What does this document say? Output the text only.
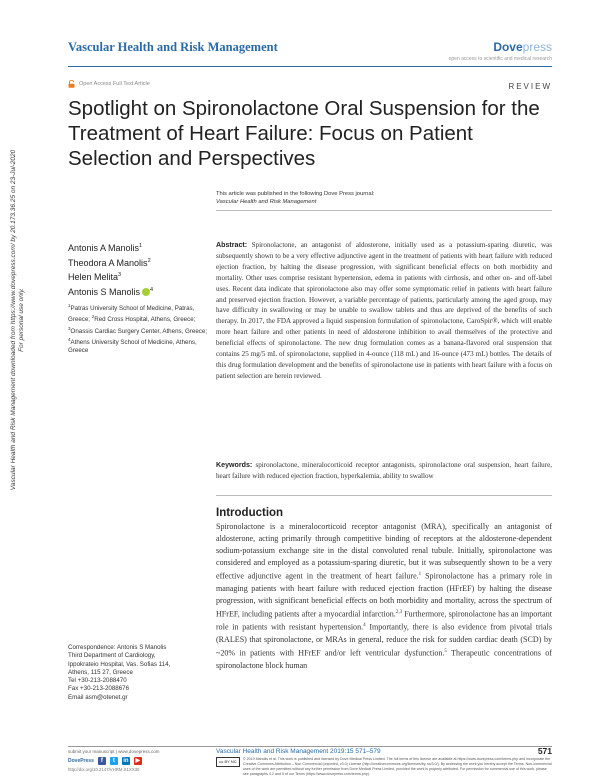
Vascular Health and Risk Management	Dovepress
open access to scientific and medical research
Open Access Full Text Article	REVIEW
Spotlight on Spironolactone Oral Suspension for the Treatment of Heart Failure: Focus on Patient Selection and Perspectives
This article was published in the following Dove Press journal:
Vascular Health and Risk Management
Vascular Health and Risk Management downloaded from https://www.dovepress.com/ by 20.173.36.25 on 23-Jul-2020 For personal use only.
Antonis A Manolis$^1$
Theodora A Manolis$^2$
Helen Melita$^3$
Antonis S Manolis $^4$
$^1$Patras University School of Medicine, Patras, Greece; $^2$Red Cross Hospital, Athens, Greece; $^3$Onassis Cardiac Surgery Center, Athens, Greece; $^4$Athens University School of Medicine, Athens, Greece
Abstract: Spironolactone, an antagonist of aldosterone, initially used as a potassium-sparing diuretic, was subsequently shown to be a very effective adjunctive agent in the treatment of patients with heart failure with reduced ejection fraction, by halting the disease progression, with significant beneficial effects on both morbidity and mortality. Other uses comprise resistant hypertension, edema in patients with cirrhosis, and other on- and off-label uses. Recent data indicate that spironolactone also may offer some symptomatic relief in patients with heart failure and preserved ejection fraction. However, a variable percentage of patients, particularly among the aged group, may have difficulty in swallowing or may be unable to swallow tablets and thus are deprived of the benefits of such therapy. In 2017, the FDA approved a liquid suspension formulation of spironolactone, CaroSpir®, which will enable more heart failure and other patients in need of aldosterone inhibition to avail themselves of the protective and beneficial effects of spironolactone. The new drug formulation comes as a banana-flavored oral suspension that contains 25 mg/5 mL of spironolactone, supplied in 4-ounce (118 mL) and 16-ounce (473 mL) bottles. The details of this drug formulation development and the benefits of spironolactone use in patients with heart failure with a focus on patient selection are herein reviewed.
Keywords: spironolactone, mineralocorticoid receptor antagonists, spironolactone oral suspension, heart failure, heart failure with reduced ejection fraction, hyperkalemia, ability to swallow
Introduction
Spironolactone is a mineralocorticoid receptor antagonist (MRA), specifically an antagonist of aldosterone, acting primarily through competitive binding of receptors at the aldosterone-dependent sodium-potassium exchange site in the distal convoluted renal tubule. Initially, spironolactone was considered and employed as a potassium-sparing diuretic, but it was subsequently shown to be a very effective adjunctive agent in the treatment of heart failure.$^1$ Spironolactone has a primary role in managing patients with heart failure with reduced ejection fraction (HFrEF) by halting the disease progression, with significant beneficial effects on both morbidity and mortality, across the spectrum of HFrEF, including patients after a myocardial infarction.$^{2,3}$ Furthermore, spironolactone has an important role in patients with resistant hypertension.$^4$ Importantly, there is also evidence from pivotal trials (RALES) that spironolactone, or MRAs in general, reduce the risk for sudden cardiac death (SCD) by ~20% in patients with HFrEF and/or left ventricular dysfunction.$^5$ Therapeutic concentrations of spironolactone block human
Correspondence: Antonis S Manolis
Third Department of Cardiology,
Ippokrateio Hospital, Vas. Sofias 114,
Athens, 115 27, Greece
Tel +30-213-2088470
Fax +30-213-2088676
Email asm@otenet.gr
submit your manuscript | www.dovepress.com	Vascular Health and Risk Management 2019:15 571–579	571
DovePress	f	t	in ▶	cc BY NC	© 2019 Manolis et al. This work is published and licensed by Dove Medical Press Limited. The full terms of this license are available at https://www.dovepress.com/terms.php and incorporate the Creative Commons Attribution – Non Commercial (unported, v3.0) License (http://creativecommons.org/licenses/by-nc/3.0/). By accessing the work you hereby accept the Terms. Non-commercial uses of the work are permitted without any further permission from Dove Medical Press Limited, provided the work is properly attributed. For permission for commercial use of this work, please see paragraphs 4.2 and 5 of our Terms (https://www.dovepress.com/terms.php).
http://doi.org/10.2147/VHRM.S1XX30
